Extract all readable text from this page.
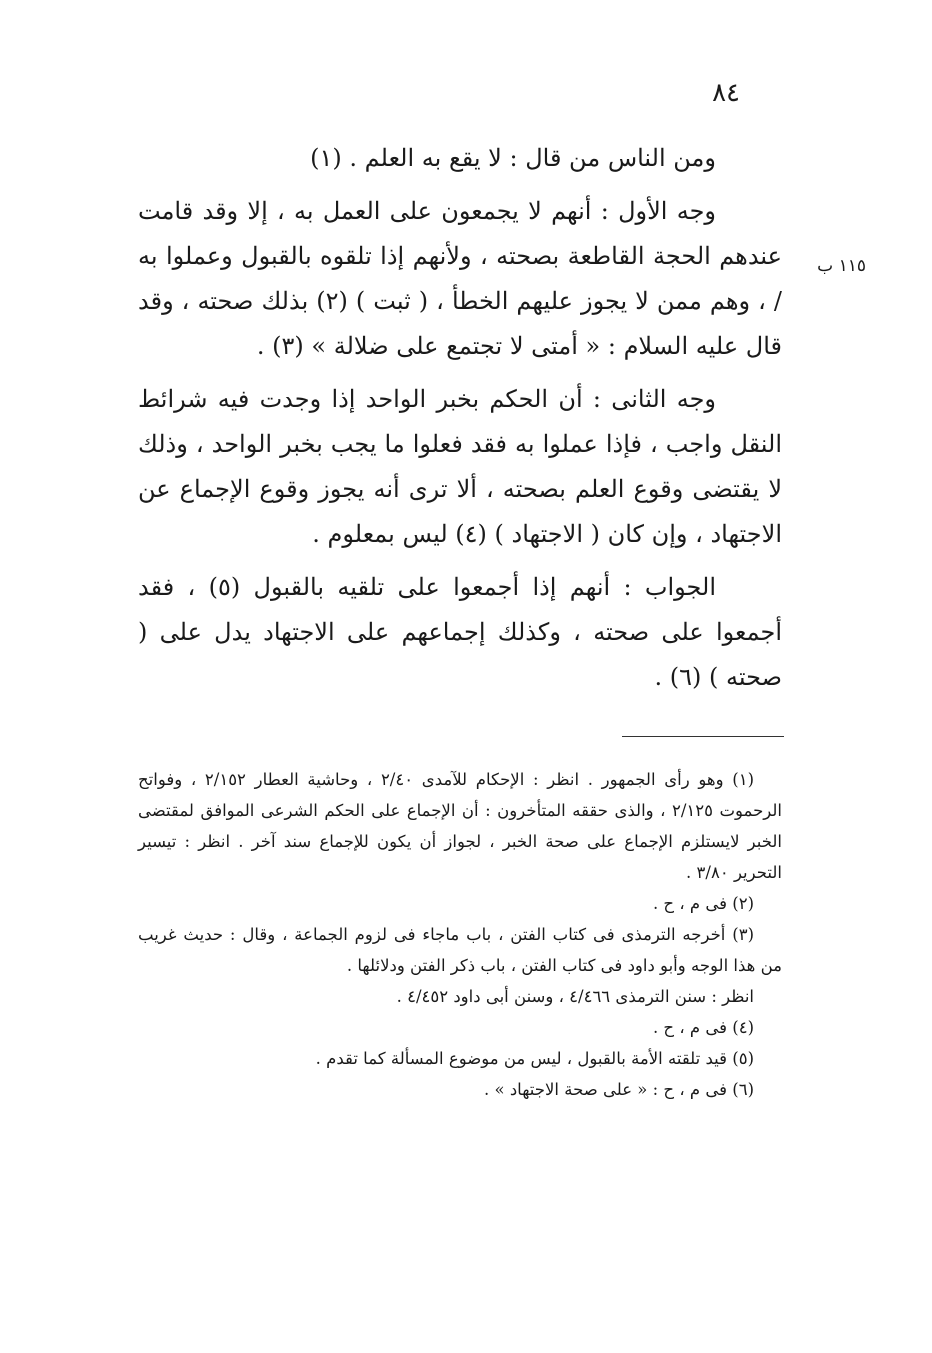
٨٤
١١٥ ب

ومن الناس من قال : لا يقع به العلم . (١)

وجه الأول : أنهم لا يجمعون على العمل به ، إلا وقد قامت عندهم الحجة القاطعة بصحته ، ولأنهم إذا تلقوه بالقبول وعملوا به / ، وهم ممن لا يجوز عليهم الخطأ ، ( ثبت ) (٢) بذلك صحته ، وقد قال عليه السلام : « أمتى لا تجتمع على ضلالة » (٣) .

وجه الثانى : أن الحكم بخبر الواحد إذا وجدت فيه شرائط النقل واجب ، فإذا عملوا به فقد فعلوا ما يجب بخبر الواحد ، وذلك لا يقتضى وقوع العلم بصحته ، ألا ترى أنه يجوز وقوع الإجماع عن الاجتهاد ، وإن كان ( الاجتهاد ) (٤) ليس بمعلوم .

الجواب : أنهم إذا أجمعوا على تلقيه بالقبول (٥) ، فقد أجمعوا على صحته ، وكذلك إجماعهم على الاجتهاد يدل على ( صحته ) (٦) .

(١) وهو رأى الجمهور . انظر : الإحكام للآمدى ٢/٤٠ ، وحاشية العطار ٢/١٥٢ ، وفواتح الرحموت ٢/١٢٥ ، والذى حققه المتأخرون : أن الإجماع على الحكم الشرعى الموافق لمقتضى الخبر لايستلزم الإجماع على صحة الخبر ، لجواز أن يكون للإجماع سند آخر . انظر : تيسير التحرير ٣/٨٠ .

(٢) فى م ، ح .

(٣) أخرجه الترمذى فى كتاب الفتن ، باب ماجاء فى لزوم الجماعة ، وقال : حديث غريب من هذا الوجه وأبو داود فى كتاب الفتن ، باب ذكر الفتن ودلائلها .

انظر : سنن الترمذى ٤/٤٦٦ ، وسنن أبى داود ٤/٤٥٢ .

(٤) فى م ، ح .

(٥) قيد تلقته الأمة بالقبول ، ليس من موضوع المسألة كما تقدم .

(٦) فى م ، ح : « على صحة الاجتهاد » .
